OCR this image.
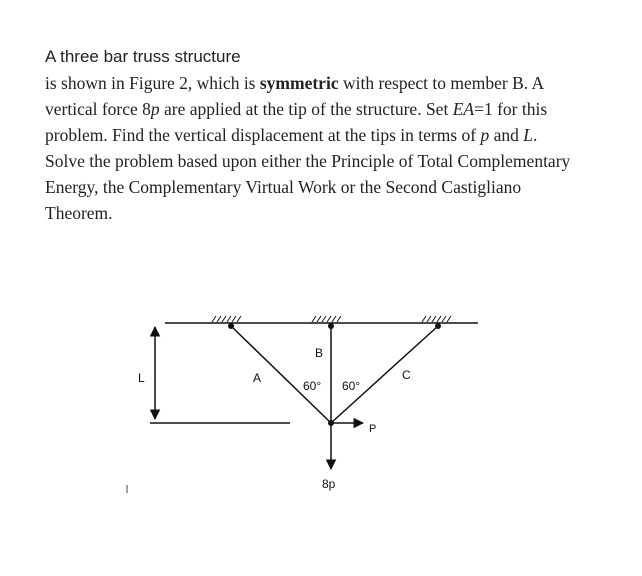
A three bar truss structure
is shown in Figure 2, which is symmetric with respect to member B. A
vertical force 8p are applied at the tip of the structure. Set EA=1 for this
problem. Find the vertical displacement at the tips in terms of p and L.
Solve the problem based upon either the Principle of Total Complementary
Energy, the Complementary Virtual Work or the Second Castigliano
Theorem.
L
B
A	C
60° 60°
P
8p
